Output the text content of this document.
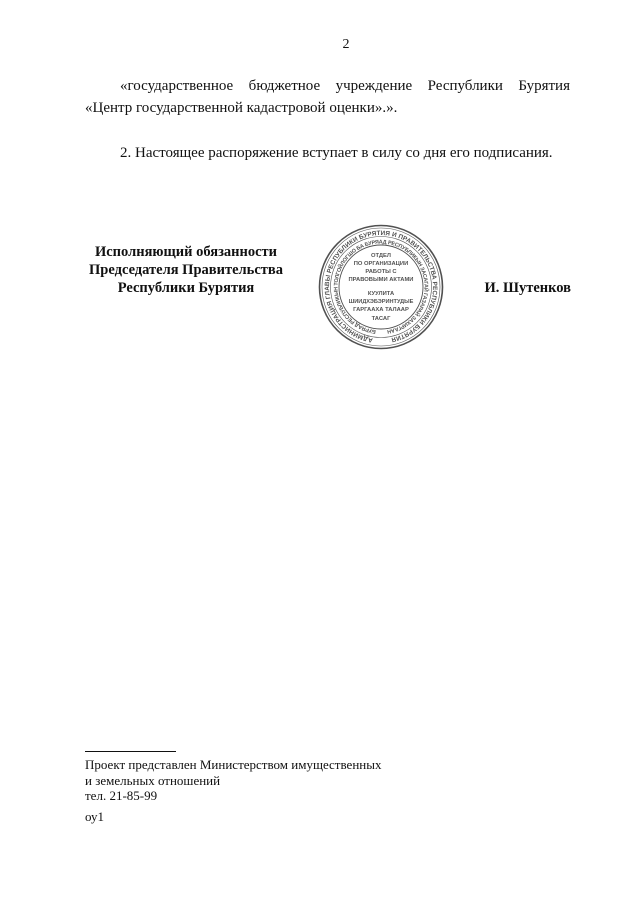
2
«государственное бюджетное учреждение Республики Бурятия
«Центр государственной кадастровой оценки».».
2. Настоящее распоряжение вступает в силу со дня его подписания.
Исполняющий обязанности
Председателя Правительства
Республики Бурятия
АДМИНИСТРАЦИЯ ГЛАВЫ РЕСПУБЛИКИ БУРЯТИЯ И ПРАВИТЕЛЬСТВА РЕСПУБЛИКИ БУРЯТИЯ
БУРЯАД РЕСПУБЛИКЫН ТОЛГОЙЛОГШО БА БУРЯАД РЕСПУБЛИКЫН ЗАСАГАЙ ГАЗАРАЙ ЗАХИРГААН
ОТДЕЛ
ПО ОРГАНИЗАЦИИ
РАБОТЫ С
ПРАВОВЫМИ АКТАМИ
КУУЛИТА
ШИИДХЭБЭРИНТУДЫЕ
ГАРГААХА ТАЛААР
ТАСАГ
И. Шутенков
Проект представлен Министерством имущественных
и земельных отношений
тел. 21-85-99
оу1
